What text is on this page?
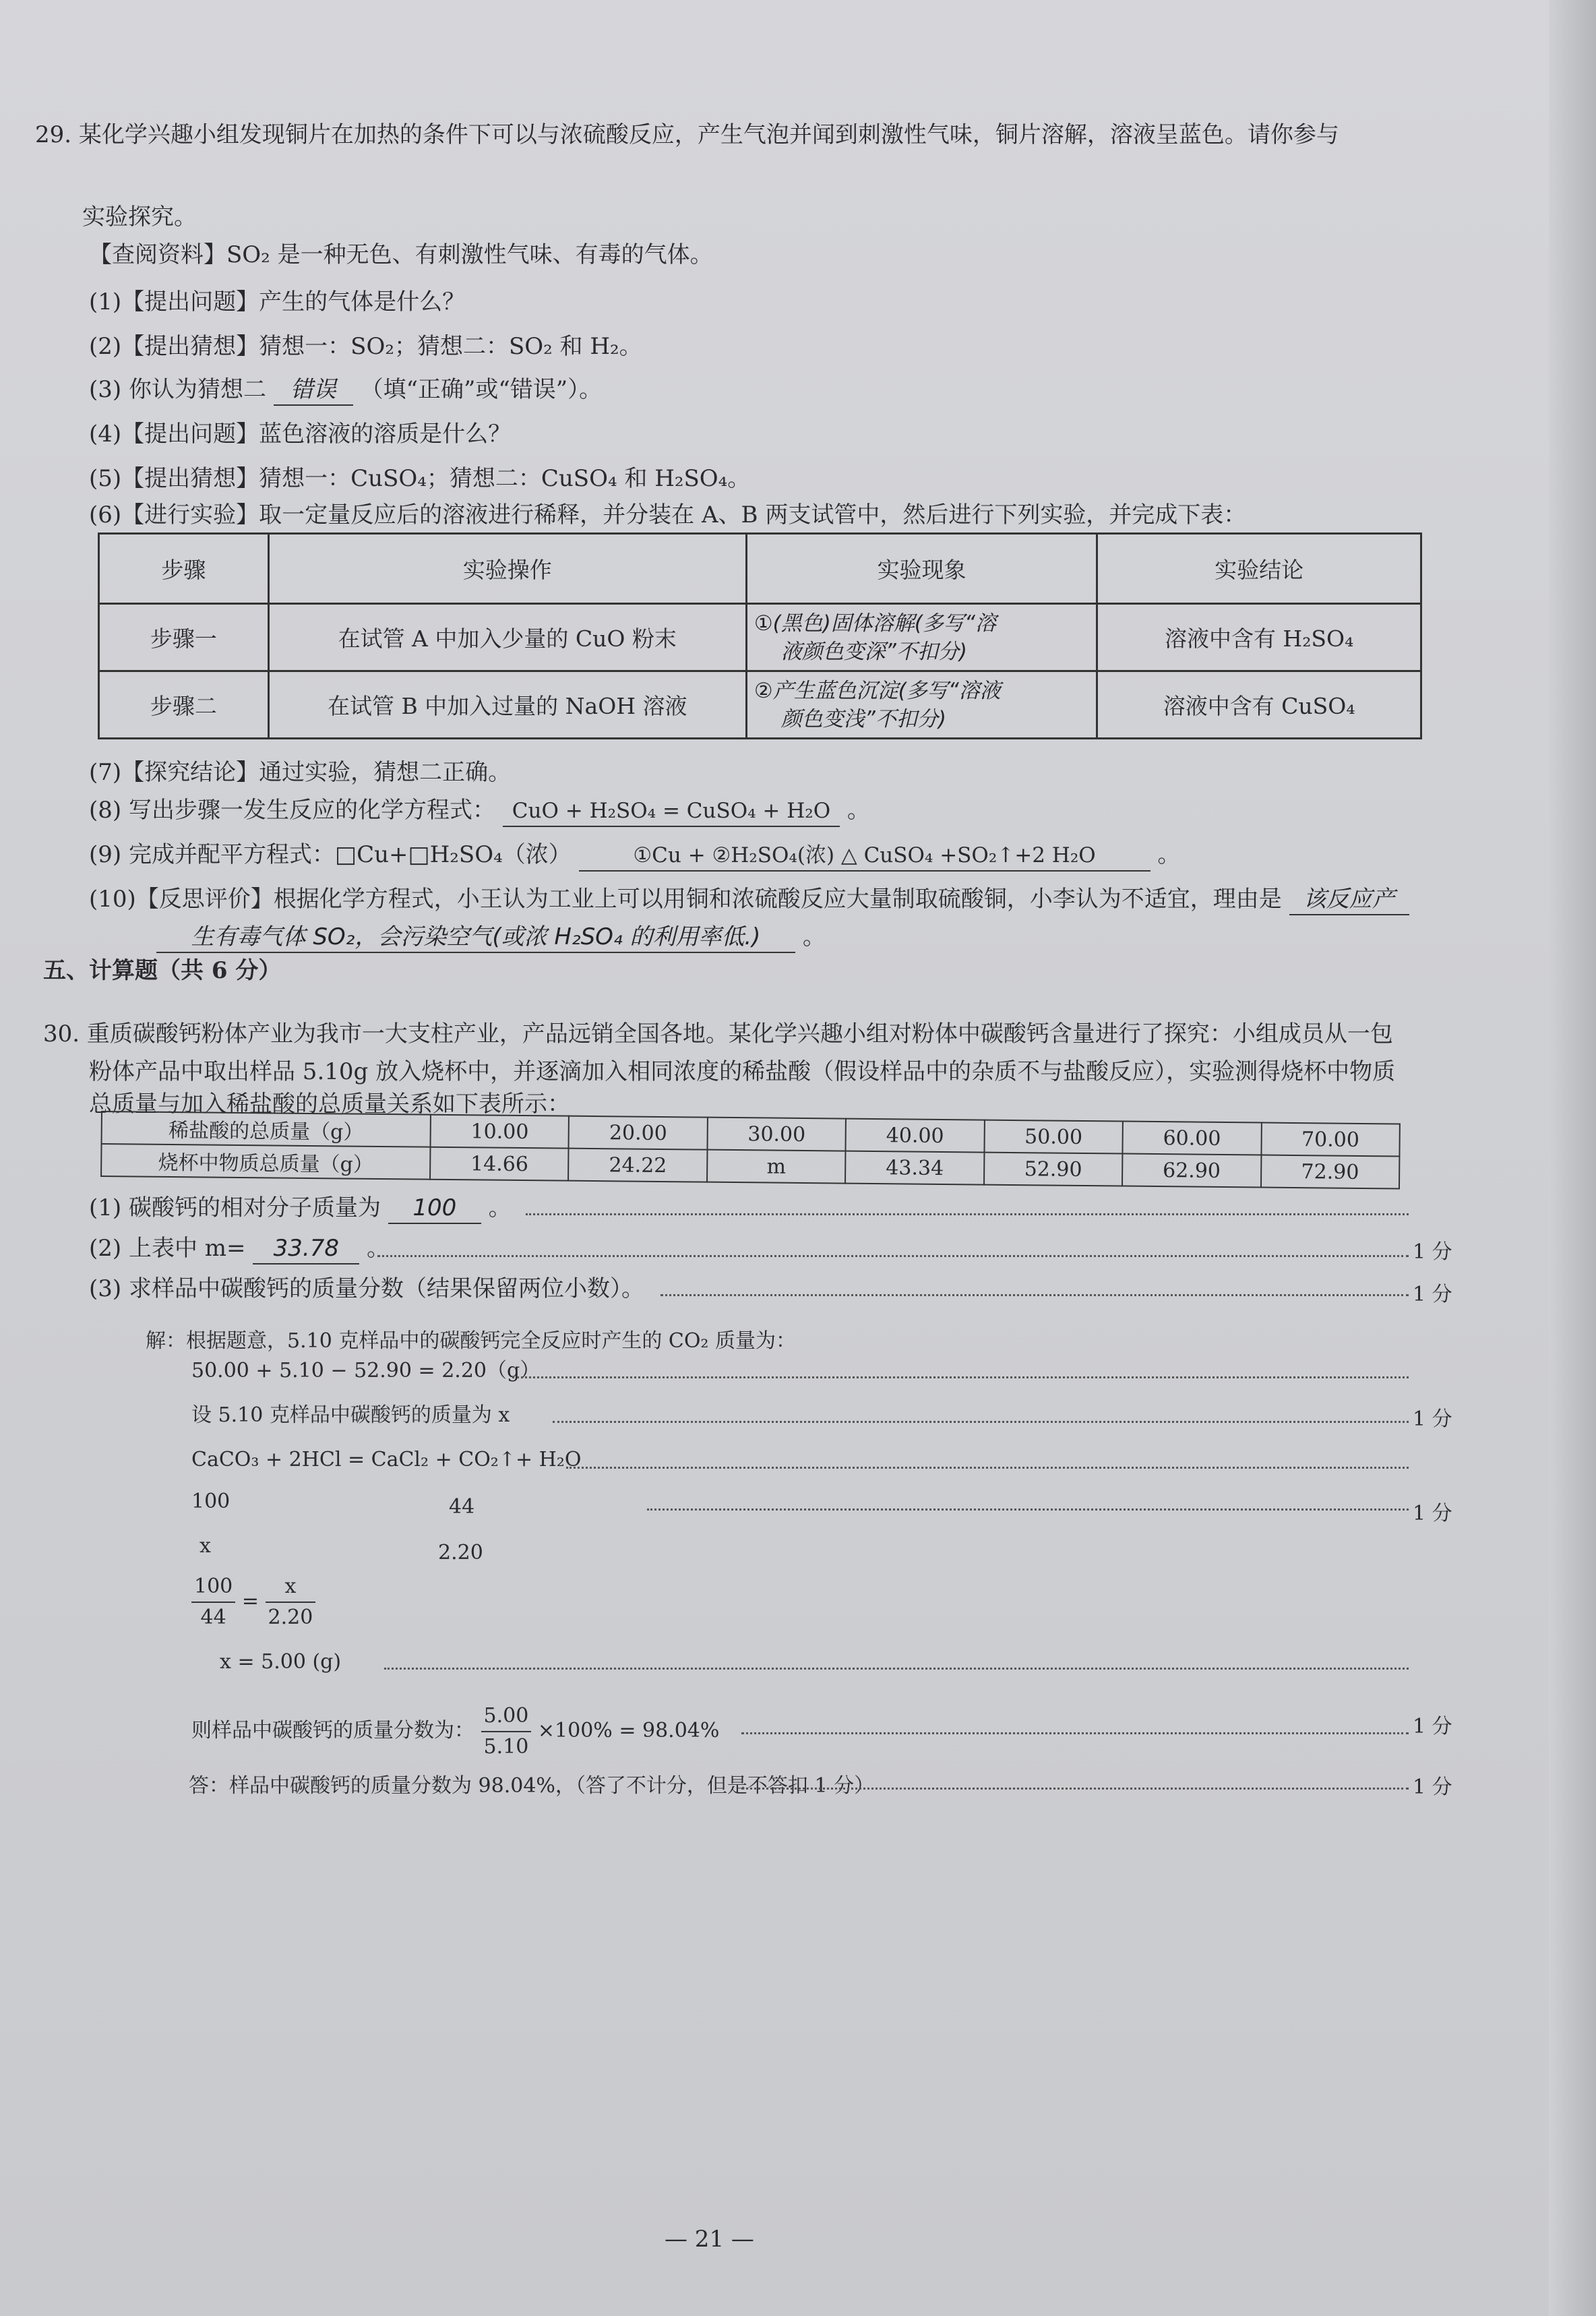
29. 某化学兴趣小组发现铜片在加热的条件下可以与浓硫酸反应，产生气泡并闻到刺激性气味，铜片溶解，溶液呈蓝色。请你参与
实验探究。
【查阅资料】SO₂ 是一种无色、有刺激性气味、有毒的气体。
(1)【提出问题】产生的气体是什么？
(2)【提出猜想】猜想一：SO₂；猜想二：SO₂ 和 H₂。
(3) 你认为猜想二 错误 （填“正确”或“错误”）。
(4)【提出问题】蓝色溶液的溶质是什么？
(5)【提出猜想】猜想一：CuSO₄；猜想二：CuSO₄ 和 H₂SO₄。
(6)【进行实验】取一定量反应后的溶液进行稀释，并分装在 A、B 两支试管中，然后进行下列实验，并完成下表：
步骤	实验操作	实验现象	实验结论
步骤一	在试管 A 中加入少量的 CuO 粉末	①(黑色)固体溶解(多写“溶
液颜色变深”不扣分)	溶液中含有 H₂SO₄
步骤二	在试管 B 中加入过量的 NaOH 溶液	②产生蓝色沉淀(多写“溶液
颜色变浅”不扣分)	溶液中含有 CuSO₄
(7)【探究结论】通过实验，猜想二正确。
(8) 写出步骤一发生反应的化学方程式： CuO + H₂SO₄ = CuSO₄ + H₂O 。
(9) 完成并配平方程式：□Cu+□H₂SO₄（浓）	①Cu + ②H₂SO₄(浓) △ CuSO₄ +SO₂↑+2 H₂O	。
(10)【反思评价】根据化学方程式，小王认为工业上可以用铜和浓硫酸反应大量制取硫酸铜，小李认为不适宜，理由是 该反应产
生有毒气体 SO₂，会污染空气(或浓 H₂SO₄ 的利用率低.) 。
五、计算题（共 6 分）
30. 重质碳酸钙粉体产业为我市一大支柱产业，产品远销全国各地。某化学兴趣小组对粉体中碳酸钙含量进行了探究：小组成员从一包
粉体产品中取出样品 5.10g 放入烧杯中，并逐滴加入相同浓度的稀盐酸（假设样品中的杂质不与盐酸反应），实验测得烧杯中物质
总质量与加入稀盐酸的总质量关系如下表所示：
稀盐酸的总质量（g）	10.00	20.00	30.00	40.00	50.00	60.00	70.00
烧杯中物质总质量（g）	14.66	24.22	m	43.34	52.90	62.90	72.90
(1) 碳酸钙的相对分子质量为 100 。
(2) 上表中 m= 33.78 。	1 分
(3) 求样品中碳酸钙的质量分数（结果保留两位小数）。	1 分
解：根据题意，5.10 克样品中的碳酸钙完全反应时产生的 CO₂ 质量为：
50.00 + 5.10 − 52.90 = 2.20（g）
设 5.10 克样品中碳酸钙的质量为 x	1 分
CaCO₃ + 2HCl = CaCl₂ + CO₂↑+ H₂O
1 分
100	44
x	2.20
$\frac{100}{44} = \frac{x}{2.20}$
x = 5.00 (g)
则样品中碳酸钙的质量分数为： $\frac{5.00}{5.10} \times 100\% = 98.04\%$	1 分
答：样品中碳酸钙的质量分数为 98.04%，（答了不计分，但是不答扣 1 分）	1 分
— 21 —
